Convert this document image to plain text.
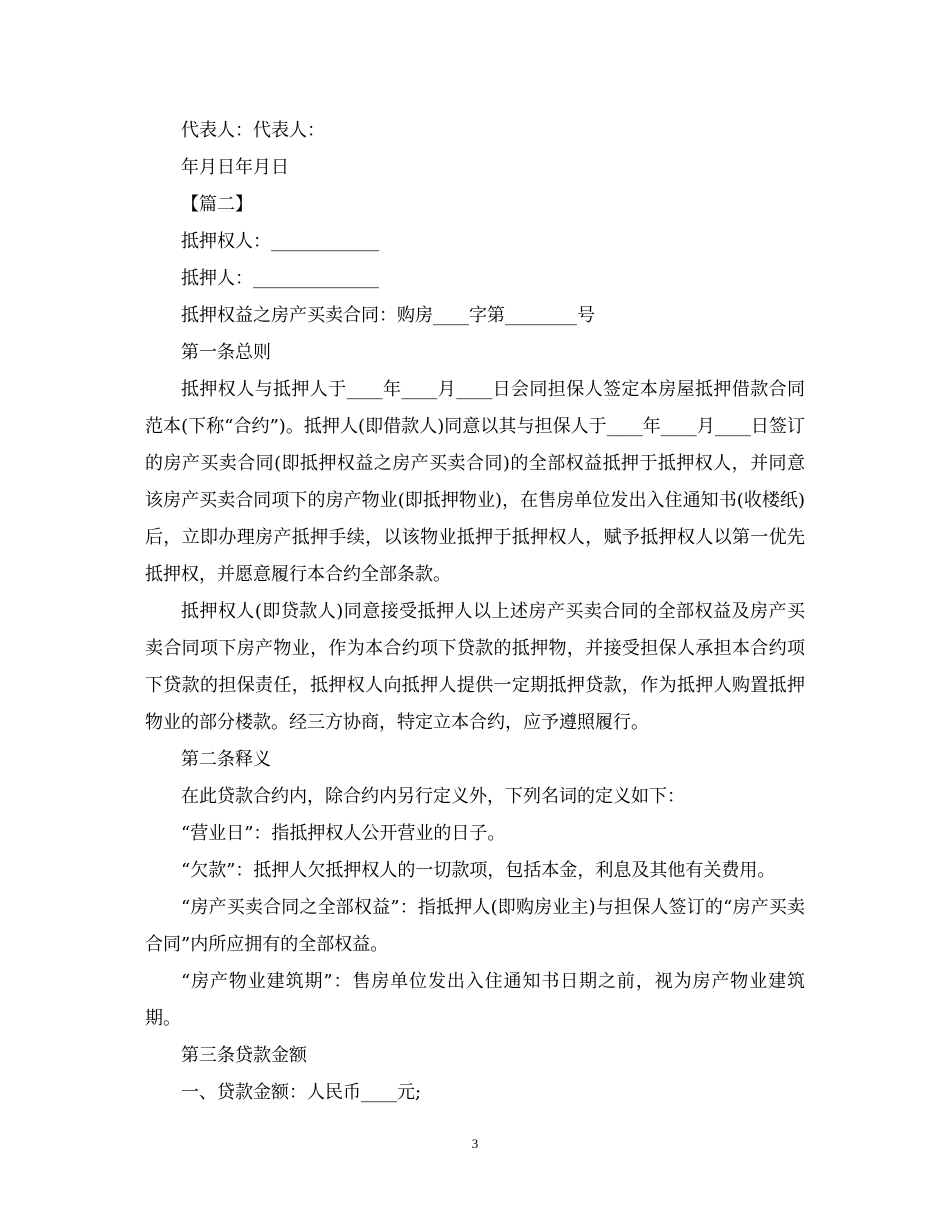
代表人：代表人：
年月日年月日
【篇二】
抵押权人：____________
抵押人：______________
抵押权益之房产买卖合同：购房____字第________号
第一条总则
抵押权人与抵押人于____年____月____日会同担保人签定本房屋抵押借款合同范本(下称“合约”)。抵押人(即借款人)同意以其与担保人于____年____月____日签订的房产买卖合同(即抵押权益之房产买卖合同)的全部权益抵押于抵押权人，并同意该房产买卖合同项下的房产物业(即抵押物业)，在售房单位发出入住通知书(收楼纸)后，立即办理房产抵押手续，以该物业抵押于抵押权人，赋予抵押权人以第一优先抵押权，并愿意履行本合约全部条款。
抵押权人(即贷款人)同意接受抵押人以上述房产买卖合同的全部权益及房产买卖合同项下房产物业，作为本合约项下贷款的抵押物，并接受担保人承担本合约项下贷款的担保责任，抵押权人向抵押人提供一定期抵押贷款，作为抵押人购置抵押物业的部分楼款。经三方协商，特定立本合约，应予遵照履行。
第二条释义
在此贷款合约内，除合约内另行定义外，下列名词的定义如下：
“营业日”：指抵押权人公开营业的日子。
“欠款”：抵押人欠抵押权人的一切款项，包括本金，利息及其他有关费用。
“房产买卖合同之全部权益”：指抵押人(即购房业主)与担保人签订的“房产买卖合同”内所应拥有的全部权益。
“房产物业建筑期”：售房单位发出入住通知书日期之前，视为房产物业建筑期。
第三条贷款金额
一、贷款金额：人民币____元;
3
